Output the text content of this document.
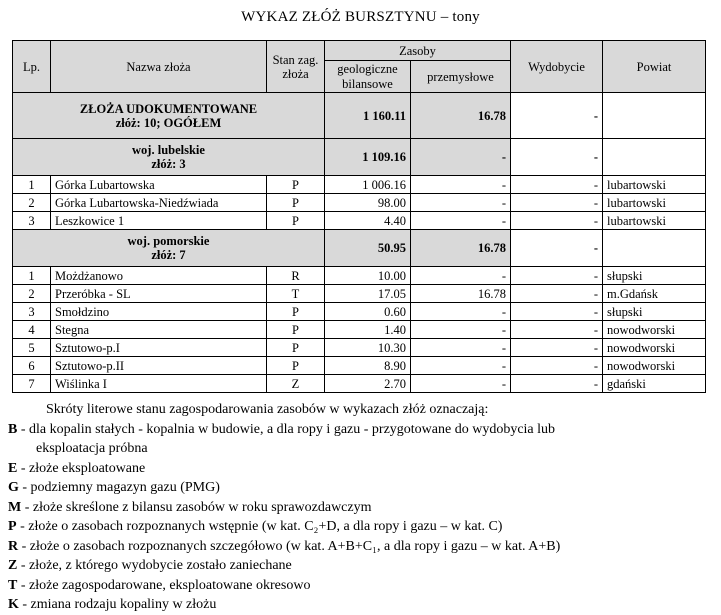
WYKAZ ZŁÓŻ BURSZTYNU – tony
Lp.	Nazwa złoża	Stan zag. złoża	Zasoby		Wydobycie	Powiat
			geologiczne bilansowe	przemysłowe		

ZŁOŻA UDOKUMENTOWANE
złóż: 10; OGÓŁEM			1 160.11	16.78	-	

woj. lubelskie
złóż: 3			1 109.16	-	-	
1	Górka Lubartowska	P	1 006.16	-	-	lubartowski
2	Górka Lubartowska-Niedźwiada	P	98.00	-	-	lubartowski
3	Leszkowice 1	P	4.40	-	-	lubartowski

woj. pomorskie
złóż: 7			50.95	16.78	-	
1	Możdżanowo	R	10.00	-	-	słupski
2	Przeróbka - SL	T	17.05	16.78	-	m.Gdańsk
3	Smołdzino	P	0.60	-	-	słupski
4	Stegna	P	1.40	-	-	nowodworski
5	Sztutowo-p.I	P	10.30	-	-	nowodworski
6	Sztutowo-p.II	P	8.90	-	-	nowodworski
7	Wiślinka I	Z	2.70	-	-	gdański
Skróty literowe stanu zagospodarowania zasobów w wykazach złóż oznaczają:
B - dla kopalin stałych - kopalnia w budowie, a dla ropy i gazu - przygotowane do wydobycia lub
eksploatacja próbna
E - złoże eksploatowane
G - podziemny magazyn gazu (PMG)
M - złoże skreślone z bilansu zasobów w roku sprawozdawczym
P - złoże o zasobach rozpoznanych wstępnie (w kat. C₂+D, a dla ropy i gazu – w kat. C)
R - złoże o zasobach rozpoznanych szczegółowo (w kat. A+B+C₁, a dla ropy i gazu – w kat. A+B)
Z - złoże, z którego wydobycie zostało zaniechane
T - złoże zagospodarowane, eksploatowane okresowo
K - zmiana rodzaju kopaliny w złożu
